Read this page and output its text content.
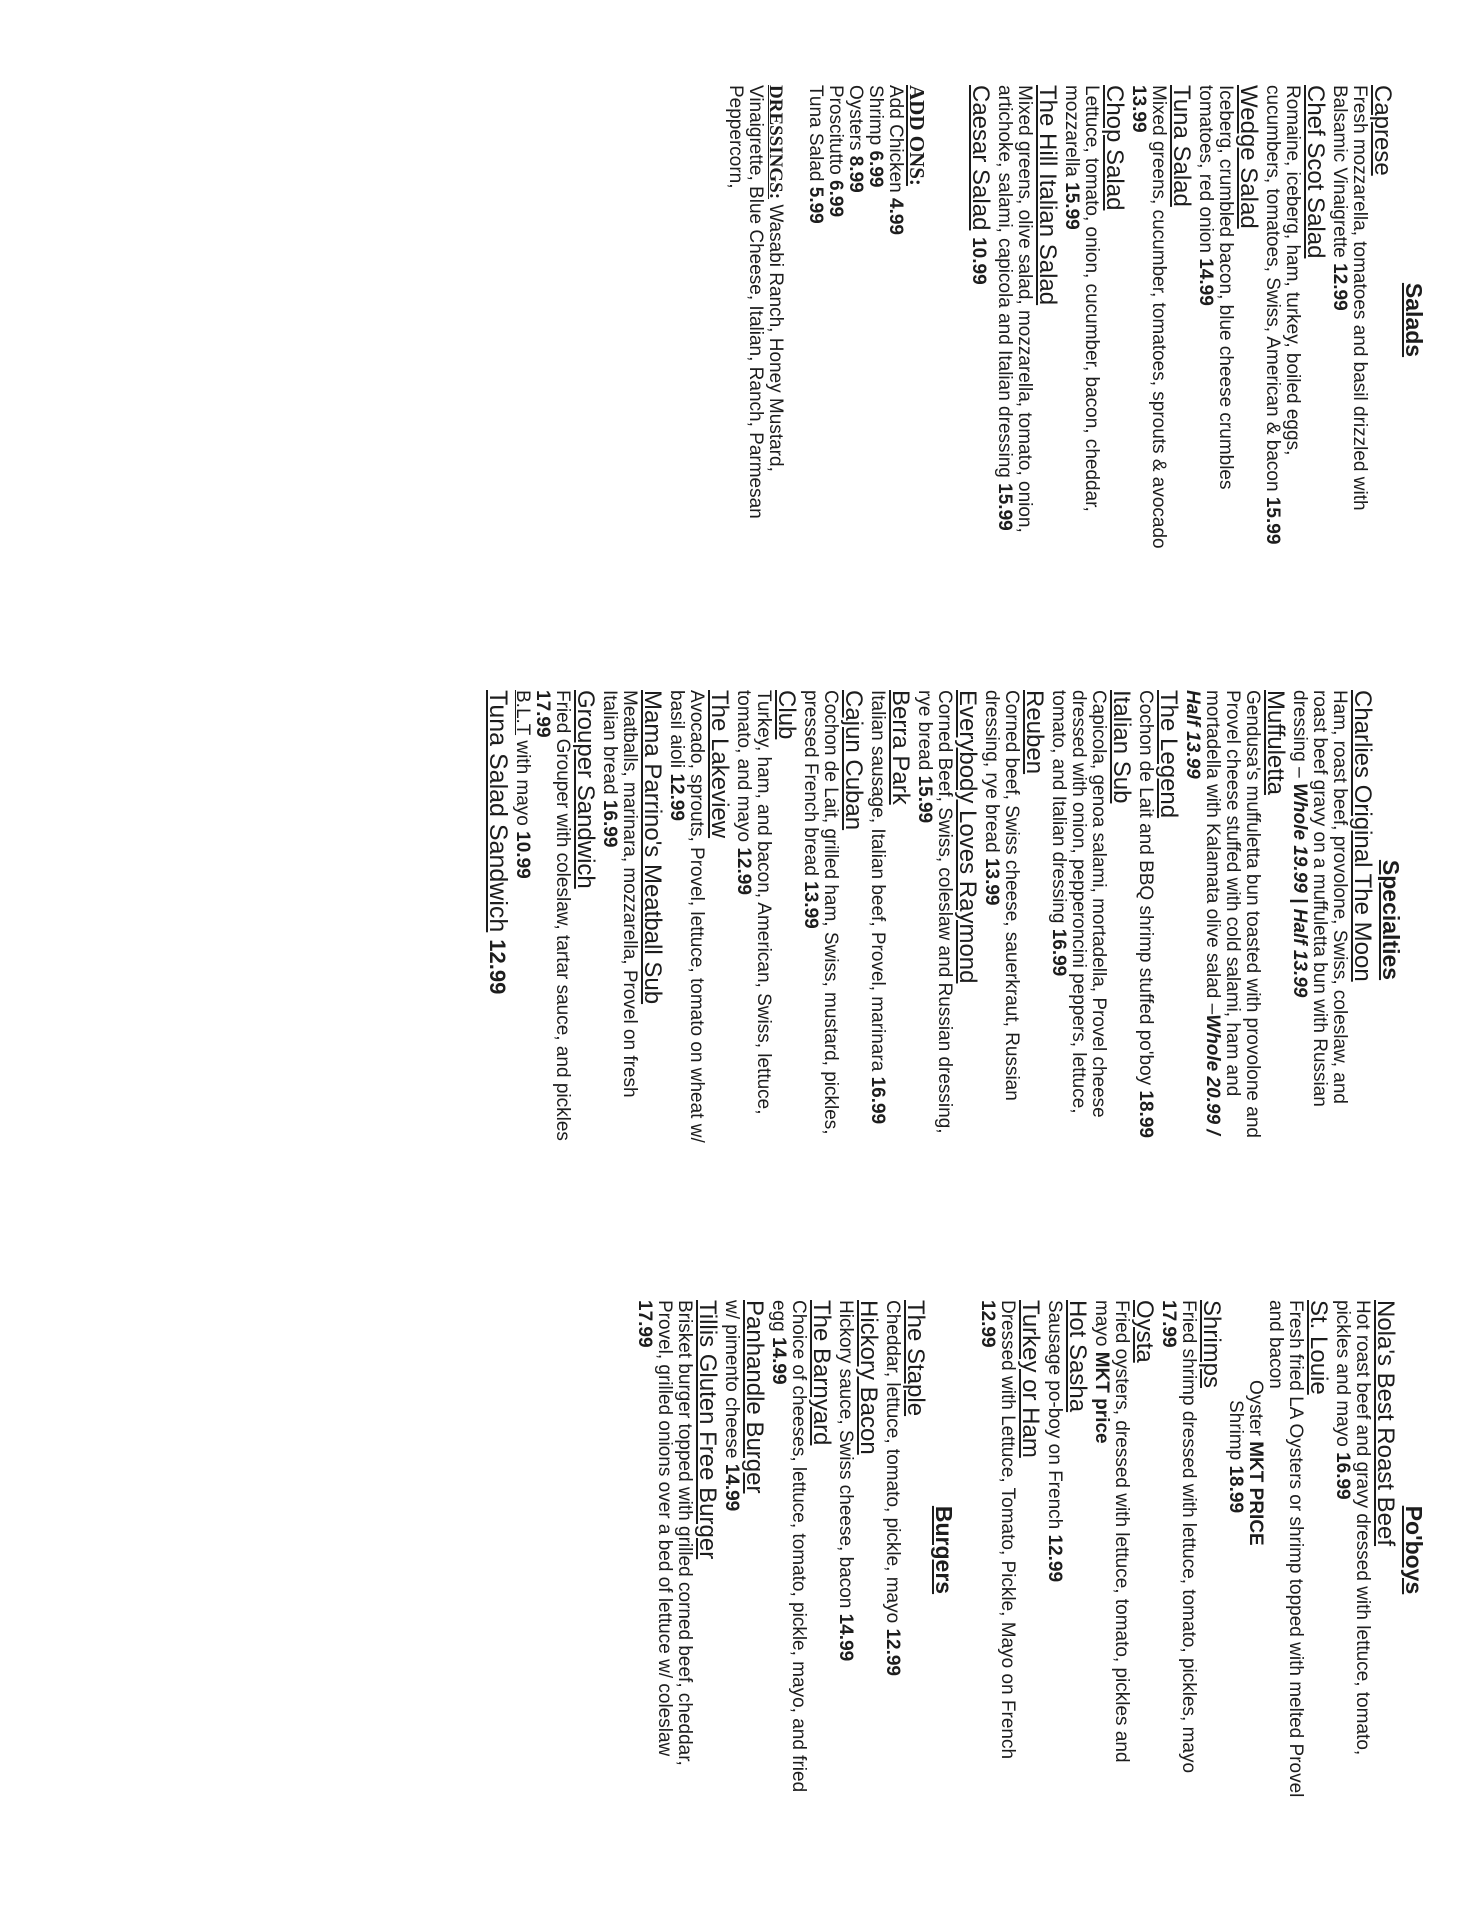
Salads
Caprese
Fresh mozzarella, tomatoes and basil drizzled with Balsamic Vinaigrette 12.99
Chef Scot Salad
Romaine, iceberg, ham, turkey, boiled eggs, cucumbers, tomatoes, Swiss, American & bacon 15.99
Wedge Salad
Iceberg, crumbled bacon, blue cheese crumbles tomatoes, red onion 14.99
Tuna Salad
Mixed greens, cucumber, tomatoes, sprouts & avocado 13.99
Chop Salad
Lettuce, tomato, onion, cucumber, bacon, cheddar, mozzarella 15.99
The Hill Italian Salad
Mixed greens, olive salad, mozzarella, tomato, onion, artichoke, salami, capicola and Italian dressing 15.99
Caesar Salad 10.99
ADD ONS:
Add Chicken 4.99
Shrimp 6.99
Oysters 8.99
Proscitutto 6.99
Tuna Salad 5.99
DRESSINGS: Wasabi Ranch, Honey Mustard, Vinaigrette, Blue Cheese, Italian, Ranch, Parmesan Peppercorn,
Specialties
Charlies Original The Moon
Ham, roast beef, provolone, Swiss, coleslaw, and roast beef gravy on a muffuletta bun with Russian dressing – Whole 19.99 | Half 13.99
Muffuletta
Gendusa's muffuletta bun toasted with provolone and Provel cheese stuffed with cold salami, ham and mortadella with Kalamata olive salad –Whole 20.99 / Half 13.99
The Legend
Cochon de Lait and BBQ shrimp stuffed po'boy 18.99
Italian Sub
Capicola, genoa salami, mortadella, Provel cheese dressed with onion, pepperoncini peppers, lettuce, tomato, and Italian dressing 16.99
Reuben
Corned beef, Swiss cheese, sauerkraut, Russian dressing, rye bread 13.99
Everybody Loves Raymond
Corned Beef, Swiss, coleslaw and Russian dressing, rye bread 15.99
Berra Park
Italian sausage, Italian beef, Provel, marinara 16.99
Cajun Cuban
Cochon de Lait, grilled ham, Swiss, mustard, pickles, pressed French bread 13.99
Club
Turkey, ham, and bacon, American, Swiss, lettuce, tomato, and mayo 12.99
The Lakeview
Avocado, sprouts, Provel, lettuce, tomato on wheat w/ basil aioli 12.99
Mama Parrino's Meatball Sub
Meatballs, marinara, mozzarella, Provel on fresh Italian bread 16.99
Grouper Sandwich
Fried Grouper with coleslaw, tartar sauce, and pickles 17.99
B.L.T with mayo 10.99
Tuna Salad Sandwich 12.99
Po'boys
Nola's Best Roast Beef
Hot roast beef and gravy dressed with lettuce, tomato, pickles and mayo 16.99
St. Louie
Fresh fried LA Oysters or shrimp topped with melted Provel and bacon
Oyster MKT PRICE
Shrimp 18.99
Shrimps
Fried shrimp dressed with lettuce, tomato, pickles, mayo 17.99
Oysta
Fried oysters, dressed with lettuce, tomato, pickles and mayo MKT price
Hot Sasha
Sausage po-boy on French 12.99
Turkey or Ham
Dressed with Lettuce, Tomato, Pickle, Mayo on French 12.99
Burgers
The Staple
Cheddar, lettuce, tomato, pickle, mayo 12.99
Hickory Bacon
Hickory sauce, Swiss cheese, bacon 14.99
The Barnyard
Choice of cheeses, lettuce, tomato, pickle, mayo, and fried egg 14.99
Panhandle Burger
w/ pimento cheese 14.99
Tillis Gluten Free Burger
Brisket burger topped with grilled corned beef, cheddar, Provel, grilled onions over a bed of lettuce w/ coleslaw 17.99
